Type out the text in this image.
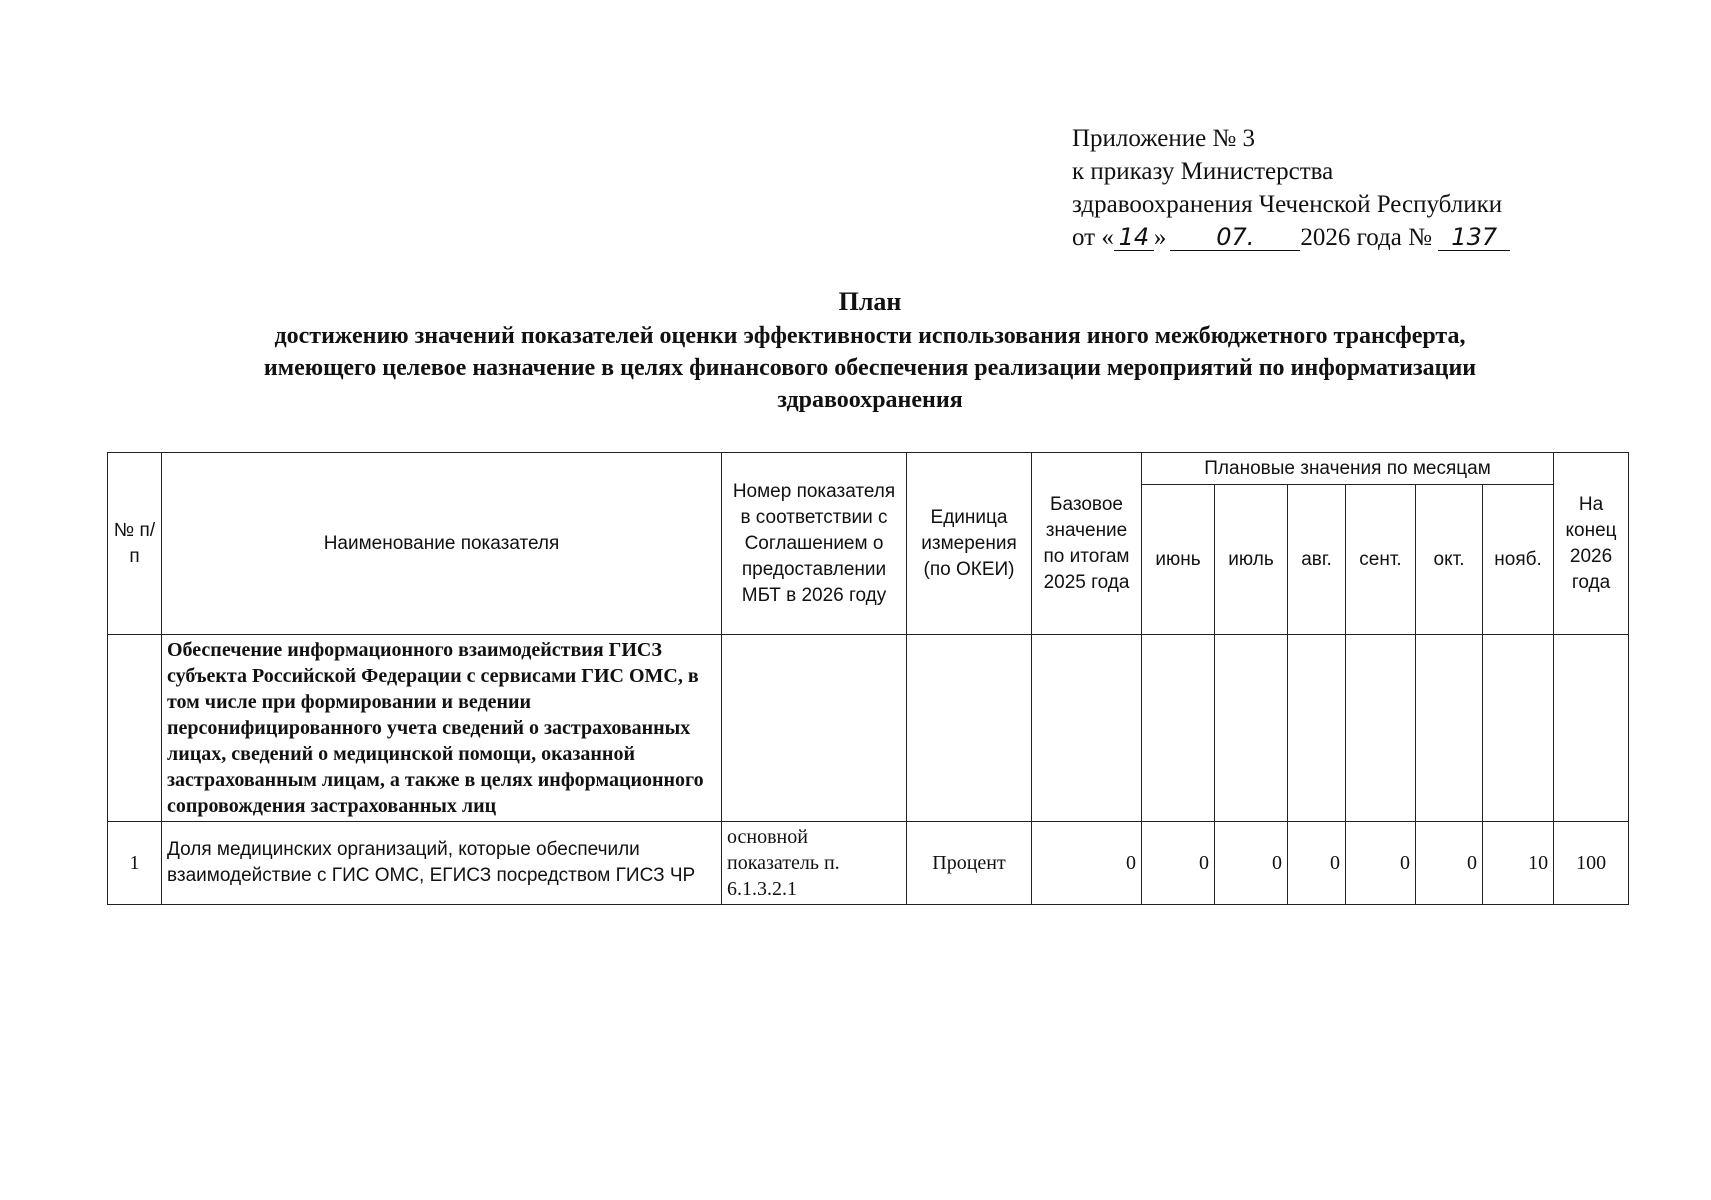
Приложение № 3
к приказу Министерства
здравоохранения Чеченской Республики
от « 14 » 07. 2026 года № 137
План
достижению значений показателей оценки эффективности использования иного межбюджетного трансферта,
имеющего целевое назначение в целях финансового обеспечения реализации мероприятий по информатизации
здравоохранения
№ п/п	Наименование показателя	Номер показателя в соответствии с Соглашением о предоставлении МБТ в 2026 году	Единица измерения (по ОКЕИ)	Базовое значение по итогам 2025 года	Плановые значения по месяцам						На конец 2026 года
					июнь	июль	авг.	сент.	окт.	нояб.	
	Обеспечение информационного взаимодействия ГИСЗ субъекта Российской Федерации с сервисами ГИС ОМС, в том числе при формировании и ведении персонифицированного учета сведений о застрахованных лицах, сведений о медицинской помощи, оказанной застрахованным лицам, а также в целях информационного сопровождения застрахованных лиц										
1	Доля медицинских организаций, которые обеспечили взаимодействие с ГИС ОМС, ЕГИСЗ посредством ГИСЗ ЧР	основной показатель п. 6.1.3.2.1	Процент	0	0	0	0	0	0	10	100
